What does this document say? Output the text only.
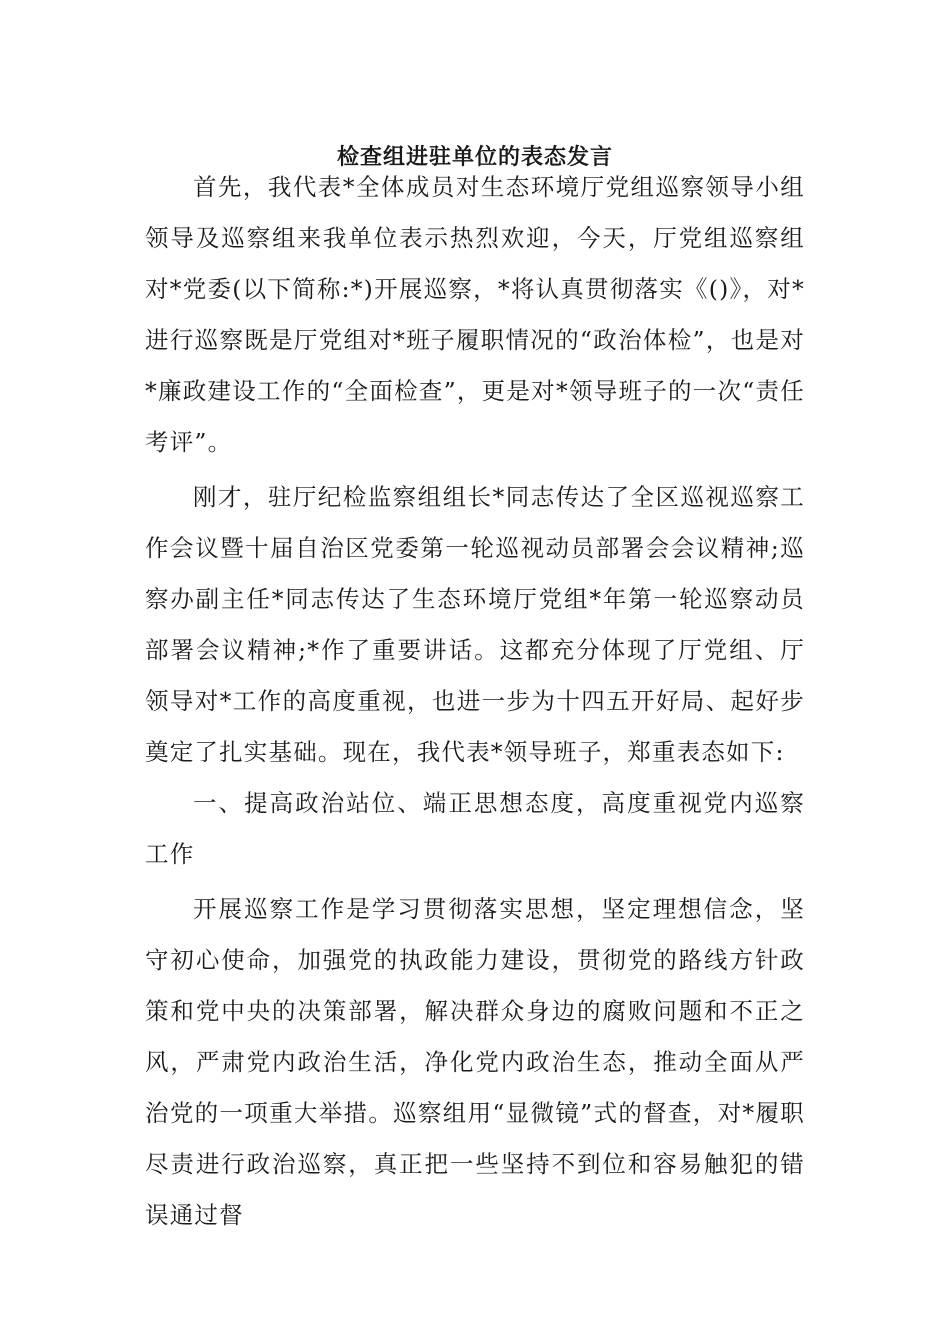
检查组进驻单位的表态发言

首先，我代表*全体成员对生态环境厅党组巡察领导小组领导及巡察组来我单位表示热烈欢迎，今天，厅党组巡察组对*党委(以下简称:*)开展巡察，*将认真贯彻落实《()》，对*进行巡察既是厅党组对*班子履职情况的“政治体检”，也是对*廉政建设工作的“全面检查”，更是对*领导班子的一次“责任考评”。

刚才，驻厅纪检监察组组长*同志传达了全区巡视巡察工作会议暨十届自治区党委第一轮巡视动员部署会会议精神;巡察办副主任*同志传达了生态环境厅党组*年第一轮巡察动员部署会议精神;*作了重要讲话。这都充分体现了厅党组、厅领导对*工作的高度重视，也进一步为十四五开好局、起好步奠定了扎实基础。现在，我代表*领导班子，郑重表态如下:

一、提高政治站位、端正思想态度，高度重视党内巡察工作

开展巡察工作是学习贯彻落实思想，坚定理想信念，坚守初心使命，加强党的执政能力建设，贯彻党的路线方针政策和党中央的决策部署，解决群众身边的腐败问题和不正之风，严肃党内政治生活，净化党内政治生态，推动全面从严治党的一项重大举措。巡察组用“显微镜”式的督查，对*履职尽责进行政治巡察，真正把一些坚持不到位和容易触犯的错误通过督
